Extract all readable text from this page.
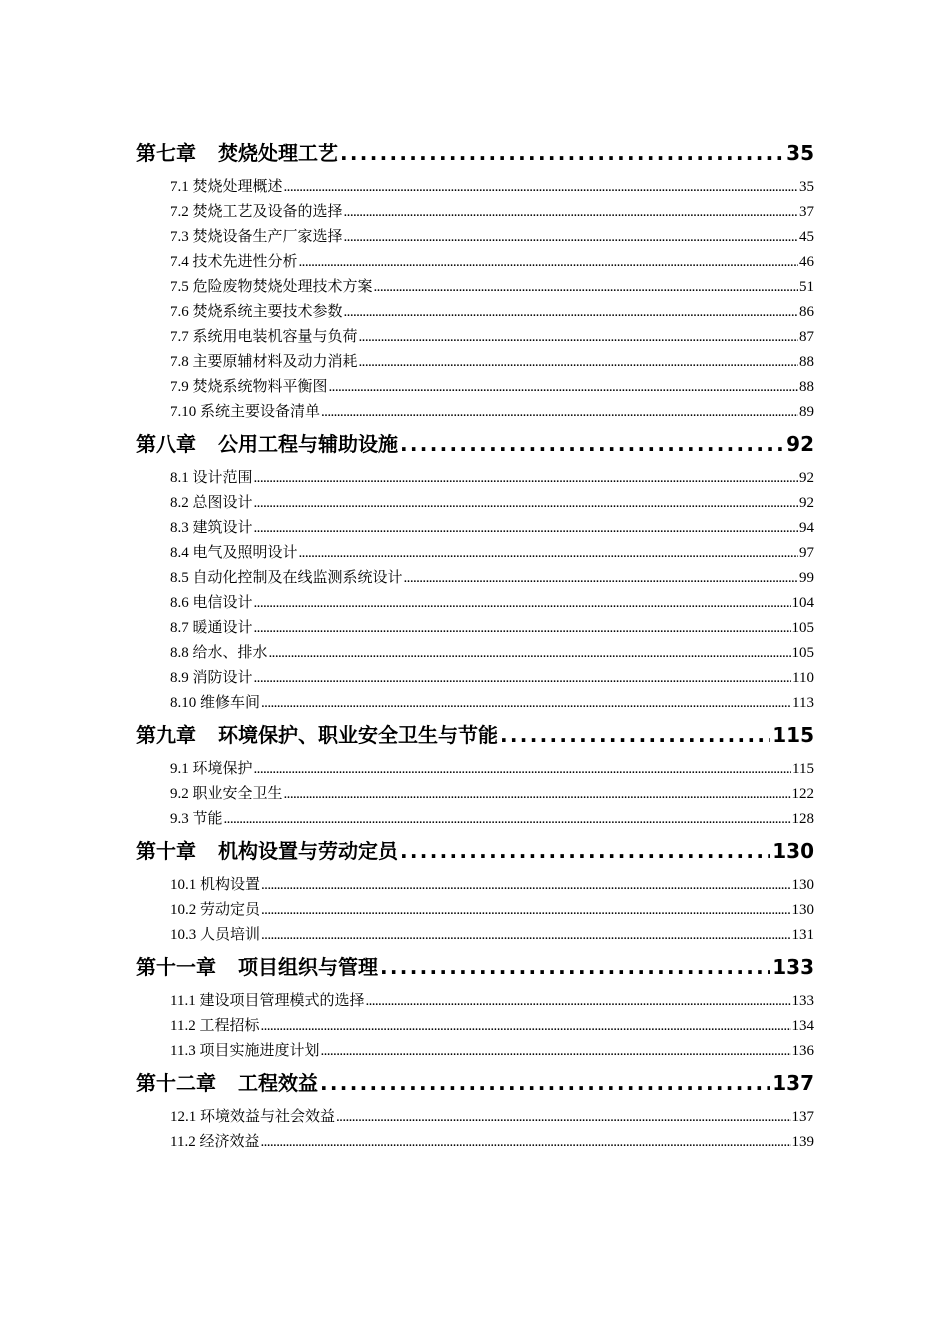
第七章 焚烧处理工艺 .....	35
7.1 焚烧处理概述 .....	35
7.2 焚烧工艺及设备的选择 .....	37
7.3 焚烧设备生产厂家选择 .....	45
7.4 技术先进性分析 .....	46
7.5 危险废物焚烧处理技术方案 .....	51
7.6 焚烧系统主要技术参数 .....	86
7.7 系统用电装机容量与负荷 .....	87
7.8 主要原辅材料及动力消耗 .....	88
7.9 焚烧系统物料平衡图 .....	88
7.10 系统主要设备清单 .....	89
第八章 公用工程与辅助设施 .....	92
8.1 设计范围 .....	92
8.2 总图设计 .....	92
8.3 建筑设计 .....	94
8.4 电气及照明设计 .....	97
8.5 自动化控制及在线监测系统设计 .....	99
8.6 电信设计 .....	104
8.7 暖通设计 .....	105
8.8 给水、排水 .....	105
8.9 消防设计 .....	110
8.10 维修车间 .....	113
第九章 环境保护、职业安全卫生与节能 .....	115
9.1 环境保护 .....	115
9.2 职业安全卫生 .....	122
9.3 节能 .....	128
第十章 机构设置与劳动定员 .....	130
10.1 机构设置 .....	130
10.2 劳动定员 .....	130
10.3 人员培训 .....	131
第十一章 项目组织与管理 .....	133
11.1 建设项目管理模式的选择 .....	133
11.2 工程招标 .....	134
11.3 项目实施进度计划 .....	136
第十二章 工程效益 .....	137
12.1 环境效益与社会效益 .....	137
11.2 经济效益 .....	139
